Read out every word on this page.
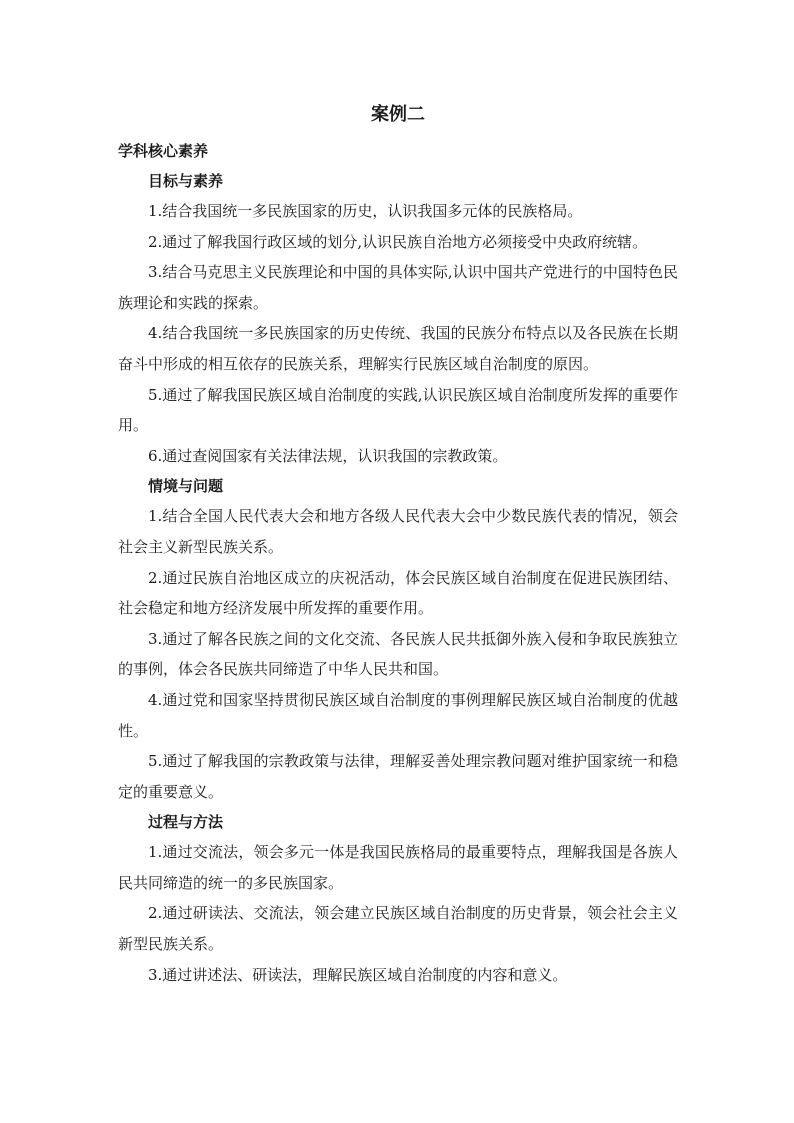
案例二
学科核心素养
目标与素养

1.结合我国统一多民族国家的历史，认识我国多元体的民族格局。

2.通过了解我国行政区域的划分,认识民族自治地方必须接受中央政府统辖。

3.结合马克思主义民族理论和中国的具体实际,认识中国共产党进行的中国特色民族理论和实践的探索。

4.结合我国统一多民族国家的历史传统、我国的民族分布特点以及各民族在长期奋斗中形成的相互依存的民族关系，理解实行民族区域自治制度的原因。

5.通过了解我国民族区域自治制度的实践,认识民族区域自治制度所发挥的重要作用。

6.通过查阅国家有关法律法规，认识我国的宗教政策。

情境与问题

1.结合全国人民代表大会和地方各级人民代表大会中少数民族代表的情况，领会社会主义新型民族关系。

2.通过民族自治地区成立的庆祝活动，体会民族区域自治制度在促进民族团结、社会稳定和地方经济发展中所发挥的重要作用。

3.通过了解各民族之间的文化交流、各民族人民共抵御外族入侵和争取民族独立的事例，体会各民族共同缔造了中华人民共和国。

4.通过党和国家坚持贯彻民族区域自治制度的事例理解民族区域自治制度的优越性。

5.通过了解我国的宗教政策与法律，理解妥善处理宗教问题对维护国家统一和稳定的重要意义。

过程与方法

1.通过交流法，领会多元一体是我国民族格局的最重要特点，理解我国是各族人民共同缔造的统一的多民族国家。

2.通过研读法、交流法，领会建立民族区域自治制度的历史背景，领会社会主义新型民族关系。

3.通过讲述法、研读法，理解民族区域自治制度的内容和意义。
